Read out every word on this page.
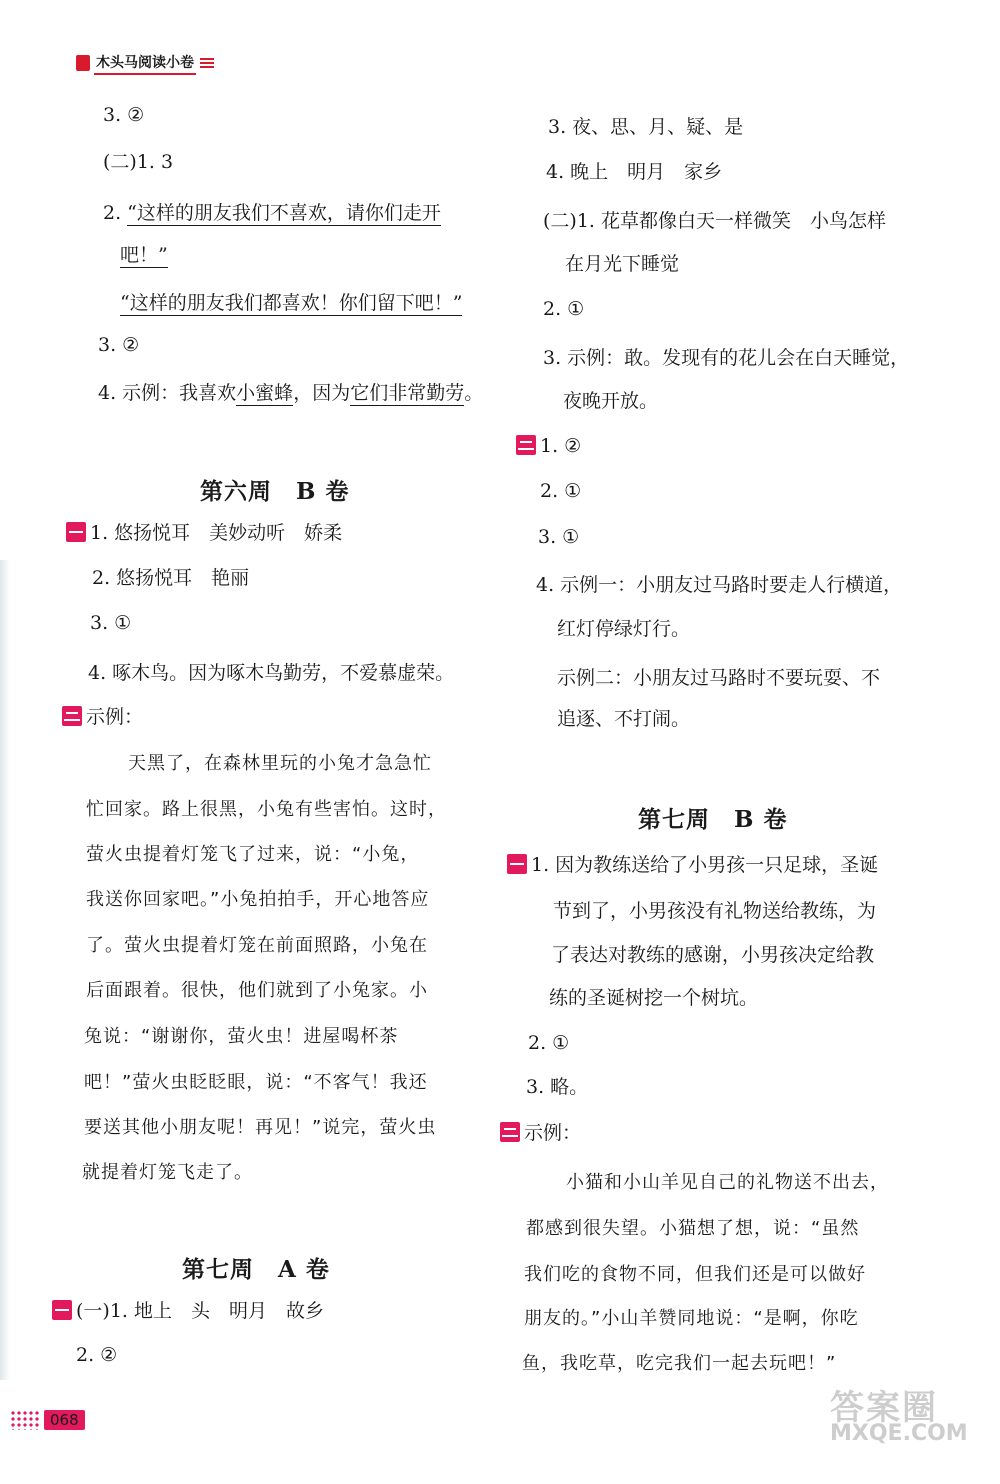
木头马阅读小卷
3. ②
(二)1. 3
2. “这样的朋友我们不喜欢，请你们走开
吧！”
“这样的朋友我们都喜欢！你们留下吧！”
3. ②
4. 示例：我喜欢小蜜蜂，因为它们非常勤劳。
第六周　B 卷
1. 悠扬悦耳　美妙动听　娇柔
2. 悠扬悦耳　艳丽
3. ①
4. 啄木鸟。因为啄木鸟勤劳，不爱慕虚荣。
示例：
天黑了，在森林里玩的小兔才急急忙
忙回家。路上很黑，小兔有些害怕。这时，
萤火虫提着灯笼飞了过来，说：“小兔，
我送你回家吧。”小兔拍拍手，开心地答应
了。萤火虫提着灯笼在前面照路，小兔在
后面跟着。很快，他们就到了小兔家。小
兔说：“谢谢你，萤火虫！进屋喝杯茶
吧！”萤火虫眨眨眼，说：“不客气！我还
要送其他小朋友呢！再见！”说完，萤火虫
就提着灯笼飞走了。
第七周　A 卷
(一)1. 地上　头　明月　故乡
2. ②
3. 夜、思、月、疑、是
4. 晚上　明月　家乡
(二)1. 花草都像白天一样微笑　小鸟怎样
在月光下睡觉
2. ①
3. 示例：敢。发现有的花儿会在白天睡觉，
夜晚开放。
1. ②
2. ①
3. ①
4. 示例一：小朋友过马路时要走人行横道，
红灯停绿灯行。
示例二：小朋友过马路时不要玩耍、不
追逐、不打闹。
第七周　B 卷
1. 因为教练送给了小男孩一只足球，圣诞
节到了，小男孩没有礼物送给教练，为
了表达对教练的感谢，小男孩决定给教
练的圣诞树挖一个树坑。
2. ①
3. 略。
示例：
小猫和小山羊见自己的礼物送不出去，
都感到很失望。小猫想了想，说：“虽然
我们吃的食物不同，但我们还是可以做好
朋友的。”小山羊赞同地说：“是啊，你吃
鱼，我吃草，吃完我们一起去玩吧！”
068	答案圈
MXQE.COM
